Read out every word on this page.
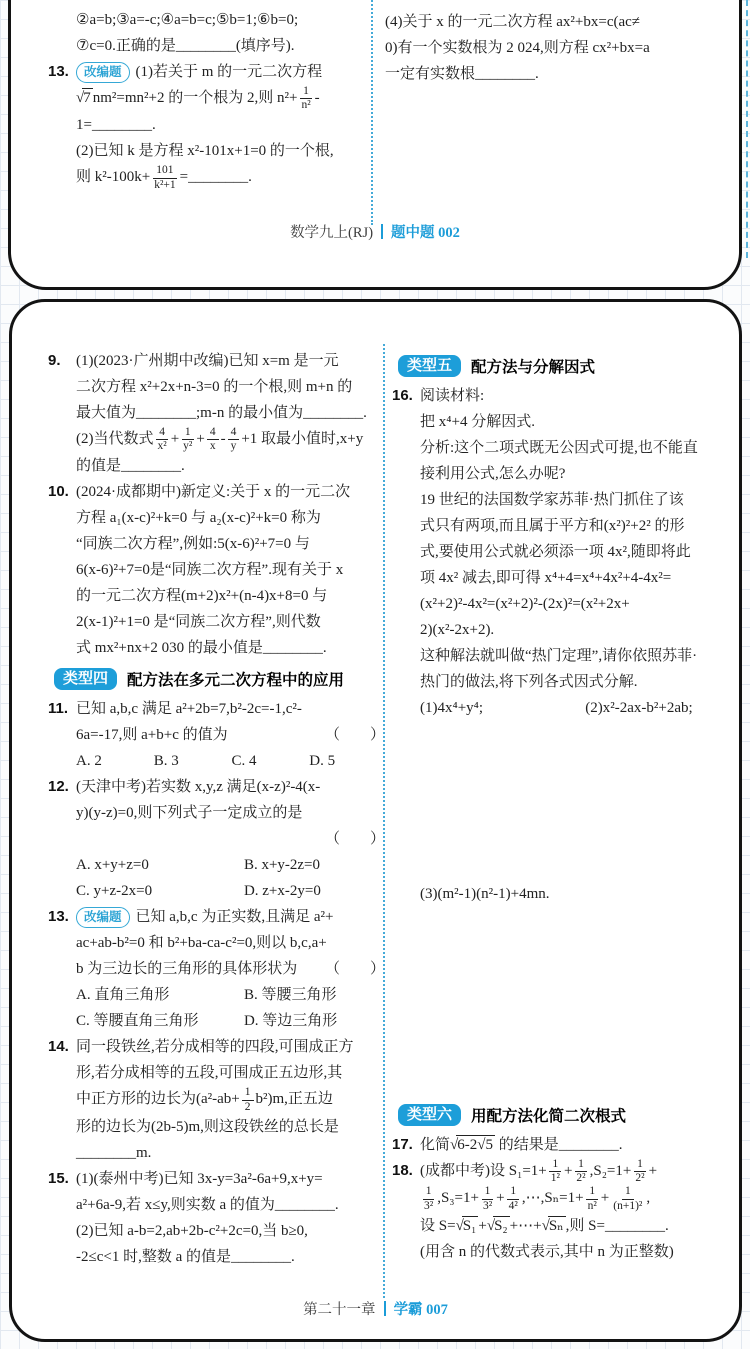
②a=b;③a=-c;④a=b=c;⑤b=1;⑥b=0;
⑦c=0.正确的是________(填序号).
13.	改编题 (1)若关于 m 的一元二次方程
√7 nm²=mn²+2 的一个根为 2,则 $n^2+ \frac{1}{\text{n²}}$ -
1=________.
(2)已知 k 是方程 x²-101x+1=0 的一个根,
则 $k^2-100k+ \frac{101}{\text{k²+1}}$ =________.
(4)关于 x 的一元二次方程 ax²+bx=c(ac≠
0)有一个实数根为 2 024,则方程 cx²+bx=a
一定有实数根________.
数学九上(RJ) 题中题 002
9.	(1)(2023·广州期中改编)已知 x=m 是一元
二次方程 x²+2x+n-3=0 的一个根,则 m+n 的
最大值为________;m-n 的最小值为________.
(2)当代数式 $\frac{4}{\text{x²}} + \frac{1}{\text{y²}} + \frac{4}{x} - \frac{4}{y} +1$ 取最小值时,x+y
的值是________.
10. (2024·成都期中)新定义:关于 x 的一元二次
方程 a₁(x-c)²+k=0 与 a₂(x-c)²+k=0 称为
“同族二次方程”,例如:5(x-6)²+7=0 与
6(x-6)²+7=0是“同族二次方程”.现有关于 x
的一元二次方程(m+2)x²+(n-4)x+8=0 与
2(x-1)²+1=0 是“同族二次方程”,则代数
式 mx²+nx+2 030 的最小值是________.
类型四	配方法在多元二次方程中的应用
11. 已知 a,b,c 满足 a²+2b=7,b²-2c=-1,c²-
6a=-17,则 a+b+c 的值为	（　　）
A. 2	B. 3	C. 4	D. 5
12. (天津中考)若实数 x,y,z 满足(x-z)²-4(x-
y)(y-z)=0,则下列式子一定成立的是
（　　）
A. x+y+z=0	B. x+y-2z=0
C. y+z-2x=0	D. z+x-2y=0
13.	改编题 已知 a,b,c 为正实数,且满足 a²+
ac+ab-b²=0 和 b²+ba-ca-c²=0,则以 b,c,a+
b 为三边长的三角形的具体形状为 （　　）
A. 直角三角形	B. 等腰三角形
C. 等腰直角三角形	D. 等边三角形
14. 同一段铁丝,若分成相等的四段,可围成正方
形,若分成相等的五段,可围成正五边形,其
中正方形的边长为$(a^2-ab+ \frac{1}{2} b^2)m$,正五边
形的边长为(2b-5)m,则这段铁丝的总长是
________m.
15. (1)(泰州中考)已知 3x-y=3a²-6a+9,x+y=
a²+6a-9,若 x≤y,则实数 a 的值为________.
(2)已知 a-b=2,ab+2b-c²+2c=0,当 b≥0,
-2≤c<1 时,整数 a 的值是________.
类型五	配方法与分解因式
16. 阅读材料:
把 x⁴+4 分解因式.
分析:这个二项式既无公因式可提,也不能直
接利用公式,怎么办呢?
19 世纪的法国数学家苏菲·热门抓住了该
式只有两项,而且属于平方和(x²)²+2² 的形
式,要使用公式就必须添一项 4x²,随即将此
项 4x² 减去,即可得 x⁴+4=x⁴+4x²+4-4x²=
(x²+2)²-4x²=(x²+2)²-(2x)²=(x²+2x+
2)(x²-2x+2).
这种解法就叫做“热门定理”,请你依照苏菲·
热门的做法,将下列各式因式分解.
(1)4x⁴+y⁴;	(2)x²-2ax-b²+2ab;
(3)(m²-1)(n²-1)+4mn.
类型六	用配方法化简二次根式
17. 化简√6-2√5 的结果是________.
18. (成都中考)设 $S_1=1+ \frac{1}{\text{1²}} + \frac{1}{\text{2²}} ,S_2=1+ \frac{1}{\text{2²}}$ +
$\frac{1}{\text{3²}} ,S_3=1+ \frac{1}{\text{3²}} + \frac{1}{\text{4²}}$ ,⋯,Sₙ=1+ $\frac{1}{\text{n²}} + \frac{1}{\text{(n+1)²}}$ ,
设 S=√S₁ +√S₂ +⋯+√Sₙ ,则 S=________.
(用含 n 的代数式表示,其中 n 为正整数)
第二十一章 学霸 007
